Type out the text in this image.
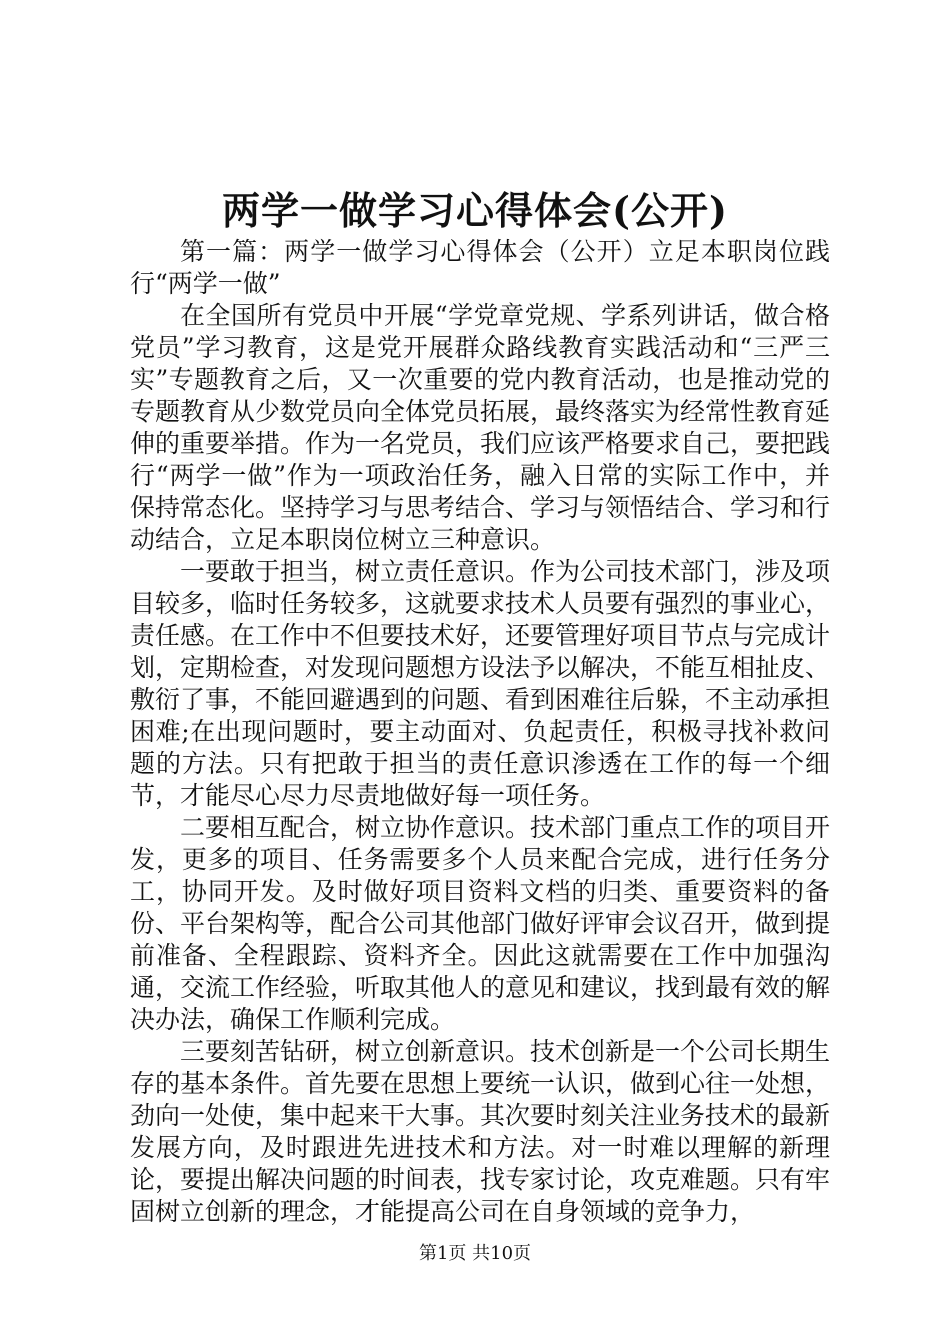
两学一做学习心得体会(公开)

第一篇：两学一做学习心得体会（公开）立足本职岗位践行“两学一做”

在全国所有党员中开展“学党章党规、学系列讲话，做合格党员”学习教育，这是党开展群众路线教育实践活动和“三严三实”专题教育之后，又一次重要的党内教育活动，也是推动党的专题教育从少数党员向全体党员拓展，最终落实为经常性教育延伸的重要举措。作为一名党员，我们应该严格要求自己，要把践行“两学一做”作为一项政治任务，融入日常的实际工作中，并保持常态化。坚持学习与思考结合、学习与领悟结合、学习和行动结合，立足本职岗位树立三种意识。

一要敢于担当，树立责任意识。作为公司技术部门，涉及项目较多，临时任务较多，这就要求技术人员要有强烈的事业心，责任感。在工作中不但要技术好，还要管理好项目节点与完成计划，定期检查，对发现问题想方设法予以解决，不能互相扯皮、敷衍了事，不能回避遇到的问题、看到困难往后躲，不主动承担困难;在出现问题时，要主动面对、负起责任，积极寻找补救问题的方法。只有把敢于担当的责任意识渗透在工作的每一个细节，才能尽心尽力尽责地做好每一项任务。

二要相互配合，树立协作意识。技术部门重点工作的项目开发，更多的项目、任务需要多个人员来配合完成，进行任务分工，协同开发。及时做好项目资料文档的归类、重要资料的备份、平台架构等，配合公司其他部门做好评审会议召开，做到提前准备、全程跟踪、资料齐全。因此这就需要在工作中加强沟通，交流工作经验，听取其他人的意见和建议，找到最有效的解决办法，确保工作顺利完成。

三要刻苦钻研，树立创新意识。技术创新是一个公司长期生存的基本条件。首先要在思想上要统一认识，做到心往一处想，劲向一处使，集中起来干大事。其次要时刻关注业务技术的最新发展方向，及时跟进先进技术和方法。对一时难以理解的新理论，要提出解决问题的时间表，找专家讨论，攻克难题。只有牢固树立创新的理念，才能提高公司在自身领域的竞争力，

第1页 共10页
